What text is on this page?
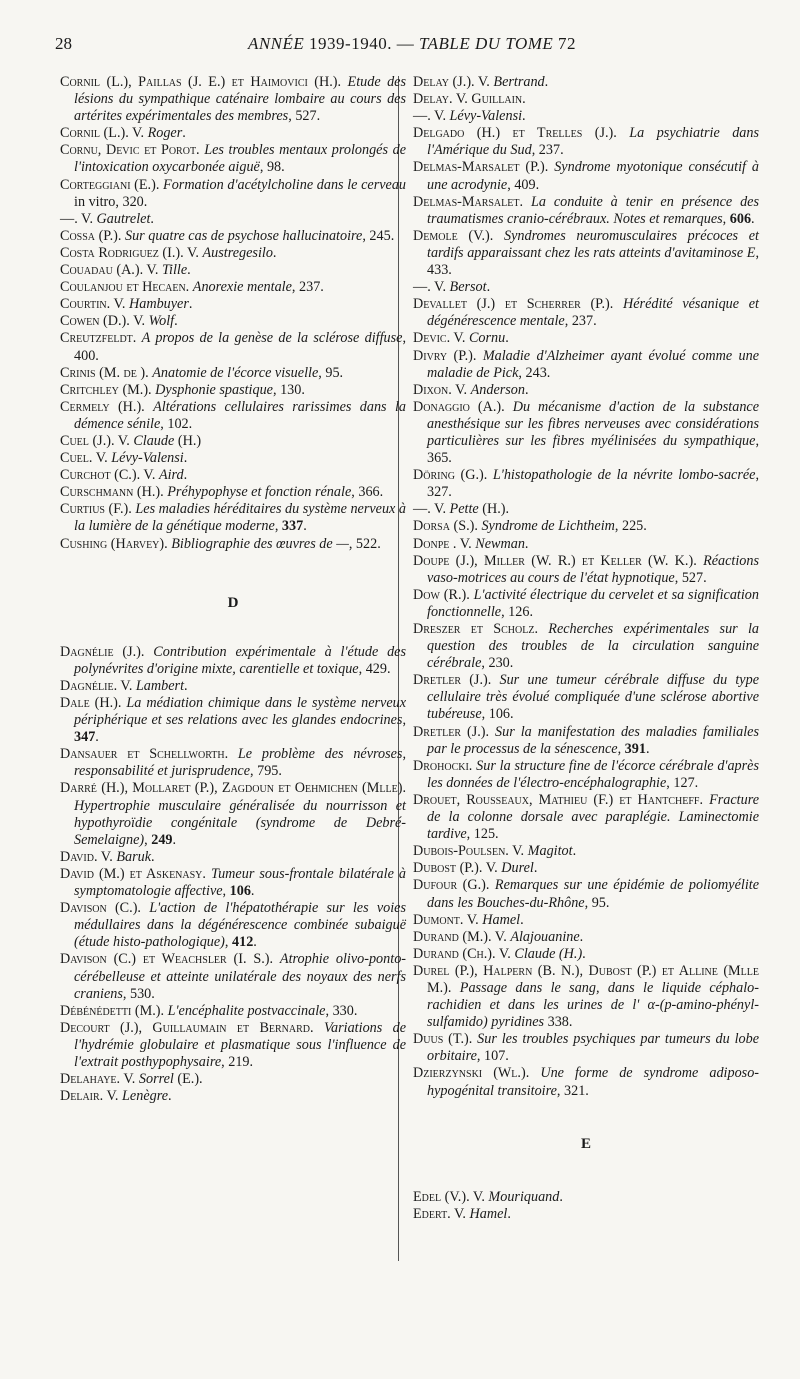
28	ANNÉE 1939-1940. — TABLE DU TOME 72
Cornil (L.), Paillas (J. E.) et Haimovici (H.). Etude des lésions du sympathique caténaire lombaire au cours des artérites expérimentales des membres, 527.
Cornil (L.). V. Roger.
Cornu, Devic et Porot. Les troubles mentaux prolongés de l'intoxication oxycarbonée aiguë, 98.
Corteggiani (E.). Formation d'acétylcholine dans le cerveau in vitro, 320.
—. V. Gautrelet.
Cossa (P.). Sur quatre cas de psychose hallucinatoire, 245.
Costa Rodriguez (I.). V. Austregesilo.
Couadau (A.). V. Tille.
Coulanjou et Hecaen. Anorexie mentale, 237.
Courtin. V. Hambuyer.
Cowen (D.). V. Wolf.
Creutzfeldt. A propos de la genèse de la sclérose diffuse, 400.
Crinis (M. de ). Anatomie de l'écorce visuelle, 95.
Critchley (M.). Dysphonie spastique, 130.
Cermely (H.). Altérations cellulaires rarissimes dans la démence sénile, 102.
Cuel (J.). V. Claude (H.)
Cuel. V. Lévy-Valensi.
Curchot (C.). V. Aird.
Curschmann (H.). Préhypophyse et fonction rénale, 366.
Curtius (F.). Les maladies héréditaires du système nerveux à la lumière de la génétique moderne, 337.
Cushing (Harvey). Bibliographie des œuvres de —, 522.
D
Dagnélie (J.). Contribution expérimentale à l'étude des polynévrites d'origine mixte, carentielle et toxique, 429.
Dagnélie. V. Lambert.
Dale (H.). La médiation chimique dans le système nerveux périphérique et ses relations avec les glandes endocrines, 347.
Dansauer et Schellworth. Le problème des névroses, responsabilité et jurisprudence, 795.
Darré (H.), Mollaret (P.), Zagdoun et Oehmichen (Mlle). Hypertrophie musculaire généralisée du nourrisson et hypothyroïdie congénitale (syndrome de Debré-Semelaigne), 249.
David. V. Baruk.
David (M.) et Askenasy. Tumeur sous-frontale bilatérale à symptomatologie affective, 106.
Davison (C.). L'action de l'hépatothérapie sur les voies médullaires dans la dégénérescence combinée subaiguë (étude histo-pathologique), 412.
Davison (C.) et Weachsler (I. S.). Atrophie olivo-ponto-cérébelleuse et atteinte unilatérale des noyaux des nerfs craniens, 530.
Débénédetti (M.). L'encéphalite postvaccinale, 330.
Decourt (J.), Guillaumain et Bernard. Variations de l'hydrémie globulaire et plasmatique sous l'influence de l'extrait posthypophysaire, 219.
Delahaye. V. Sorrel (E.).
Delair. V. Lenègre.
Delay (J.). V. Bertrand.
Delay. V. Guillain.
—. V. Lévy-Valensi.
Delgado (H.) et Trelles (J.). La psychiatrie dans l'Amérique du Sud, 237.
Delmas-Marsalet (P.). Syndrome myotonique consécutif à une acrodynie, 409.
Delmas-Marsalet. La conduite à tenir en présence des traumatismes cranio-cérébraux. Notes et remarques, 606.
Demole (V.). Syndromes neuromusculaires précoces et tardifs apparaissant chez les rats atteints d'avitaminose E, 433.
—. V. Bersot.
Devallet (J.) et Scherrer (P.). Hérédité vésanique et dégénérescence mentale, 237.
Devic. V. Cornu.
Divry (P.). Maladie d'Alzheimer ayant évolué comme une maladie de Pick, 243.
Dixon. V. Anderson.
Donaggio (A.). Du mécanisme d'action de la substance anesthésique sur les fibres nerveuses avec considérations particulières sur les fibres myélinisées du sympathique, 365.
Döring (G.). L'histopathologie de la névrite lombo-sacrée, 327.
—. V. Pette (H.).
Dorsa (S.). Syndrome de Lichtheim, 225.
Donpe . V. Newman.
Doupe (J.), Miller (W. R.) et Keller (W. K.). Réactions vaso-motrices au cours de l'état hypnotique, 527.
Dow (R.). L'activité électrique du cervelet et sa signification fonctionnelle, 126.
Dreszer et Scholz. Recherches expérimentales sur la question des troubles de la circulation sanguine cérébrale, 230.
Dretler (J.). Sur une tumeur cérébrale diffuse du type cellulaire très évolué compliquée d'une sclérose abortive tubéreuse, 106.
Dretler (J.). Sur la manifestation des maladies familiales par le processus de la sénescence, 391.
Drohocki. Sur la structure fine de l'écorce cérébrale d'après les données de l'électro-encéphalographie, 127.
Drouet, Rousseaux, Mathieu (F.) et Hantcheff. Fracture de la colonne dorsale avec paraplégie. Laminectomie tardive, 125.
Dubois-Poulsen. V. Magitot.
Dubost (P.). V. Durel.
Dufour (G.). Remarques sur une épidémie de poliomyélite dans les Bouches-du-Rhône, 95.
Dumont. V. Hamel.
Durand (M.). V. Alajouanine.
Durand (Ch.). V. Claude (H.).
Durel (P.), Halpern (B. N.), Dubost (P.) et Alline (Mlle M.). Passage dans le sang, dans le liquide céphalo-rachidien et dans les urines de l' α-(p-amino-phényl-sulfamido) pyridines 338.
Duus (T.). Sur les troubles psychiques par tumeurs du lobe orbitaire, 107.
Dzierzynski (Wl.). Une forme de syndrome adiposo-hypogénital transitoire, 321.
E
Edel (V.). V. Mouriquand.
Edert. V. Hamel.
